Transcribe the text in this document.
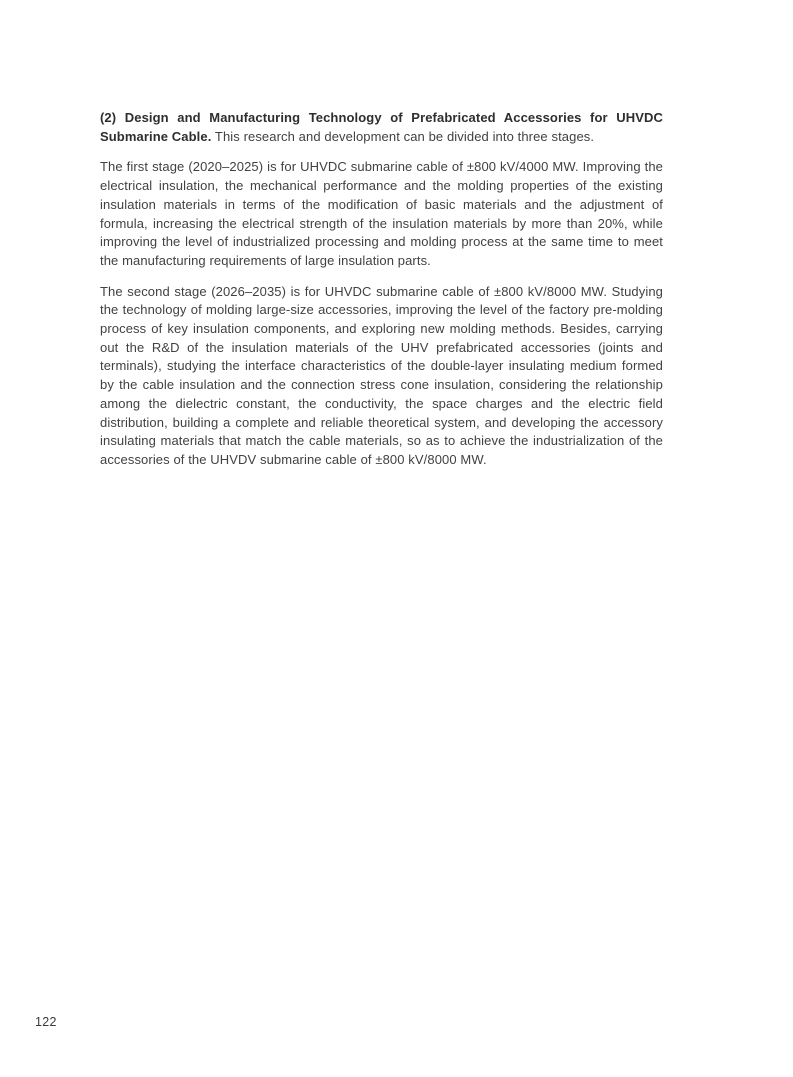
(2) Design and Manufacturing Technology of Prefabricated Accessories for UHVDC Submarine Cable. This research and development can be divided into three stages.

The first stage (2020–2025) is for UHVDC submarine cable of ±800 kV/4000 MW. Improving the electrical insulation, the mechanical performance and the molding properties of the existing insulation materials in terms of the modification of basic materials and the adjustment of formula, increasing the electrical strength of the insulation materials by more than 20%, while improving the level of industrialized processing and molding process at the same time to meet the manufacturing requirements of large insulation parts.

The second stage (2026–2035) is for UHVDC submarine cable of ±800 kV/8000 MW. Studying the technology of molding large-size accessories, improving the level of the factory pre-molding process of key insulation components, and exploring new molding methods. Besides, carrying out the R&D of the insulation materials of the UHV prefabricated accessories (joints and terminals), studying the interface characteristics of the double-layer insulating medium formed by the cable insulation and the connection stress cone insulation, considering the relationship among the dielectric constant, the conductivity, the space charges and the electric field distribution, building a complete and reliable theoretical system, and developing the accessory insulating materials that match the cable materials, so as to achieve the industrialization of the accessories of the UHVDV submarine cable of ±800 kV/8000 MW.

122
